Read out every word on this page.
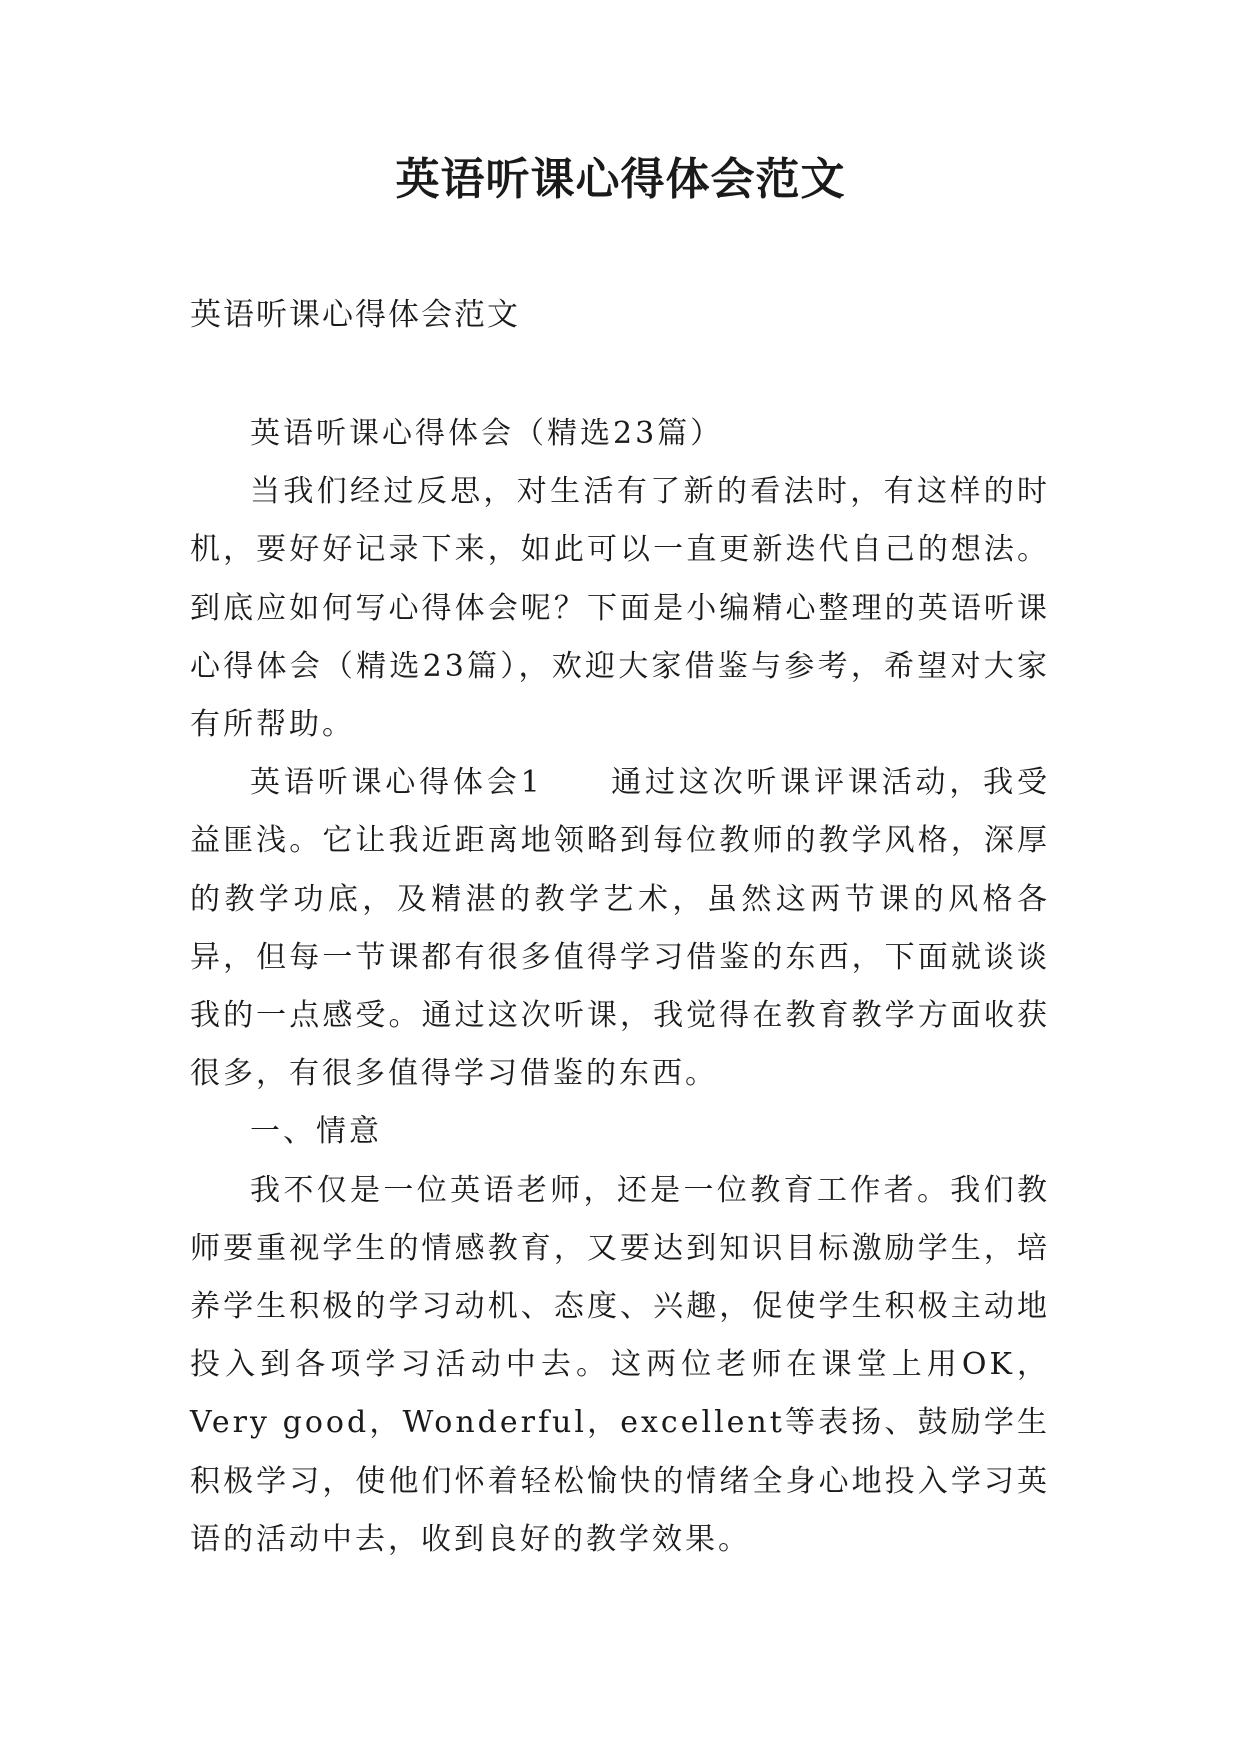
英语听课心得体会范文
英语听课心得体会范文

英语听课心得体会（精选23篇）

当我们经过反思，对生活有了新的看法时，有这样的时机，要好好记录下来，如此可以一直更新迭代自己的想法。到底应如何写心得体会呢？下面是小编精心整理的英语听课心得体会（精选23篇），欢迎大家借鉴与参考，希望对大家有所帮助。

英语听课心得体会1　　通过这次听课评课活动，我受益匪浅。它让我近距离地领略到每位教师的教学风格，深厚的教学功底，及精湛的教学艺术，虽然这两节课的风格各异，但每一节课都有很多值得学习借鉴的东西，下面就谈谈我的一点感受。通过这次听课，我觉得在教育教学方面收获很多，有很多值得学习借鉴的东西。

一、情意

我不仅是一位英语老师，还是一位教育工作者。我们教师要重视学生的情感教育，又要达到知识目标激励学生，培养学生积极的学习动机、态度、兴趣，促使学生积极主动地投入到各项学习活动中去。这两位老师在课堂上用OK，Very good，Wonderful，excellent等表扬、鼓励学生积极学习，使他们怀着轻松愉快的情绪全身心地投入学习英语的活动中去，收到良好的教学效果。
